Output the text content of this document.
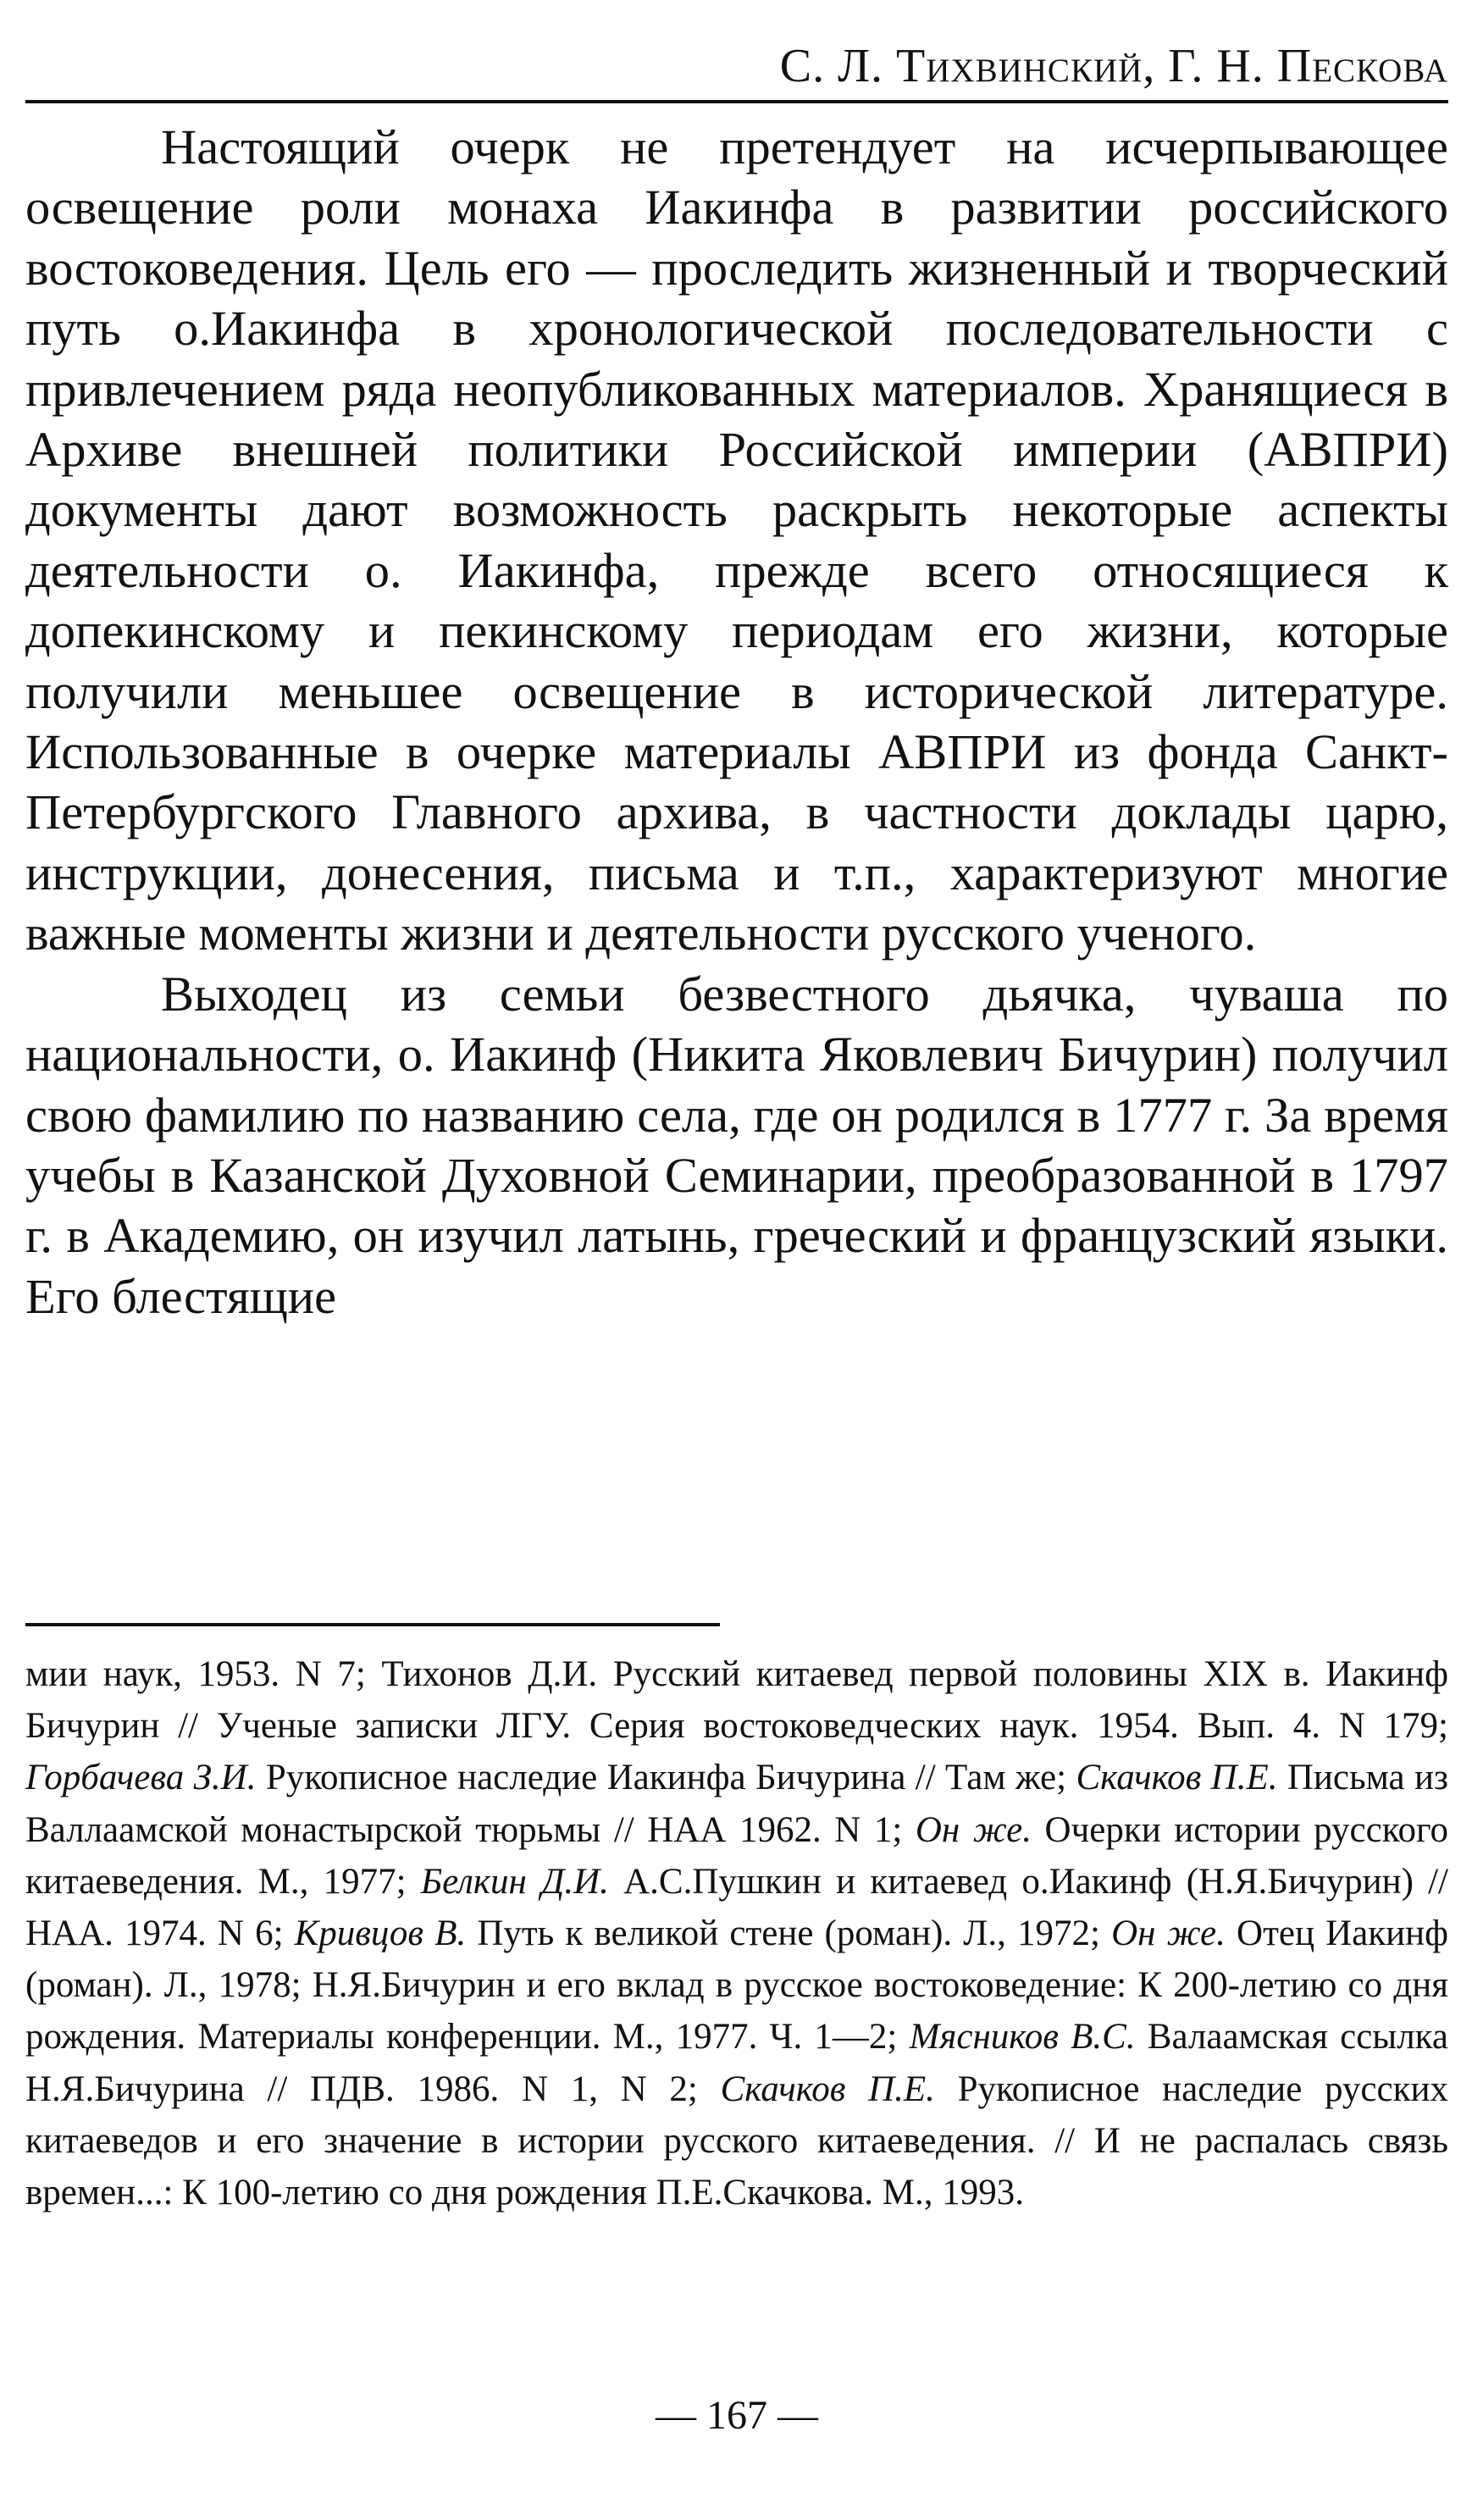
С. Л. Тихвинский, Г. Н. Пескова

Настоящий очерк не претендует на исчерпывающее освещение роли монаха Иакинфа в развитии российского востоковедения. Цель его — проследить жизненный и творческий путь о.Иакинфа в хронологической последовательности с привлечением ряда неопубликованных материалов. Хранящиеся в Архиве внешней политики Российской империи (АВПРИ) документы дают возможность раскрыть некоторые аспекты деятельности о. Иакинфа, прежде всего относящиеся к допекинскому и пекинскому периодам его жизни, которые получили меньшее освещение в исторической литературе. Использованные в очерке материалы АВПРИ из фонда Санкт-Петербургского Главного архива, в частности доклады царю, инструкции, донесения, письма и т.п., характеризуют многие важные моменты жизни и деятельности русского ученого.

Выходец из семьи безвестного дьячка, чуваша по национальности, о. Иакинф (Никита Яковлевич Бичурин) получил свою фамилию по названию села, где он родился в 1777 г. За время учебы в Казанской Духовной Семинарии, преобразованной в 1797 г. в Академию, он изучил латынь, греческий и французский языки. Его блестящие

мии наук, 1953. N 7; Тихонов Д.И. Русский китаевед первой половины XIX в. Иакинф Бичурин // Ученые записки ЛГУ. Серия востоковедческих наук. 1954. Вып. 4. N 179; Горбачева З.И. Рукописное наследие Иакинфа Бичурина // Там же; Скачков П.Е. Письма из Валлаамской монастырской тюрьмы // НАА 1962. N 1; Он же. Очерки истории русского китаеведения. М., 1977; Белкин Д.И. А.С.Пушкин и китаевед о.Иакинф (Н.Я.Бичурин) // НАА. 1974. N 6; Кривцов В. Путь к великой стене (роман). Л., 1972; Он же. Отец Иакинф (роман). Л., 1978; Н.Я.Бичурин и его вклад в русское востоковедение: К 200-летию со дня рождения. Материалы конференции. М., 1977. Ч. 1—2; Мясников В.С. Валаамская ссылка Н.Я.Бичурина // ПДВ. 1986. N 1, N 2; Скачков П.Е. Рукописное наследие русских китаеведов и его значение в истории русского китаеведения. // И не распалась связь времен...: К 100-летию со дня рождения П.Е.Скачкова. М., 1993.

— 167 —
